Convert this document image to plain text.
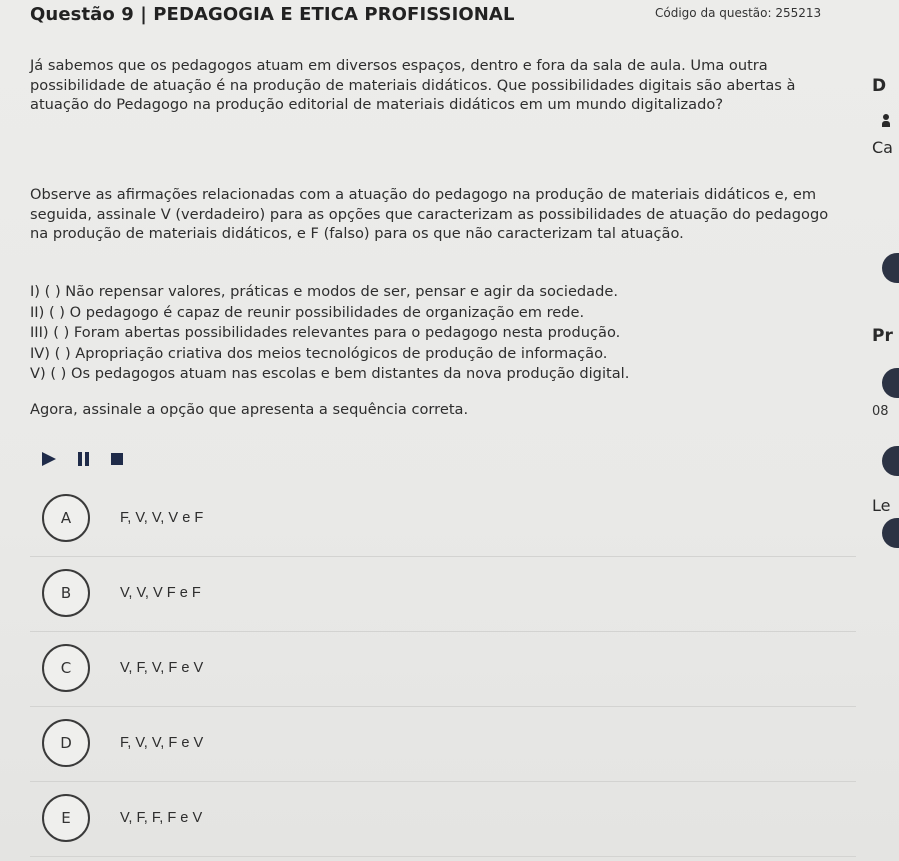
Questão 9 | PEDAGOGIA E ETICA PROFISSIONAL	Código da questão: 255213
Já sabemos que os pedagogos atuam em diversos espaços, dentro e fora da sala de aula. Uma outra possibilidade de atuação é na produção de materiais didáticos. Que possibilidades digitais são abertas à atuação do Pedagogo na produção editorial de materiais didáticos em um mundo digitalizado?
Observe as afirmações relacionadas com a atuação do pedagogo na produção de materiais didáticos e, em seguida, assinale V (verdadeiro) para as opções que caracterizam as possibilidades de atuação do pedagogo na produção de materiais didáticos, e F (falso) para os que não caracterizam tal atuação.
I) ( ) Não repensar valores, práticas e modos de ser, pensar e agir da sociedade.
II) ( ) O pedagogo é capaz de reunir possibilidades de organização em rede.
III) ( ) Foram abertas possibilidades relevantes para o pedagogo nesta produção.
IV) ( ) Apropriação criativa dos meios tecnológicos de produção de informação.
V) ( ) Os pedagogos atuam nas escolas e bem distantes da nova produção digital.
Agora, assinale a opção que apresenta a sequência correta.
A	F, V, V, V e F
B	V, V, V F e F
C	V, F, V, F e V
D	F, V, V, F e V
E	V, F, F, F e V
D
Ca
Pr
08
Le
